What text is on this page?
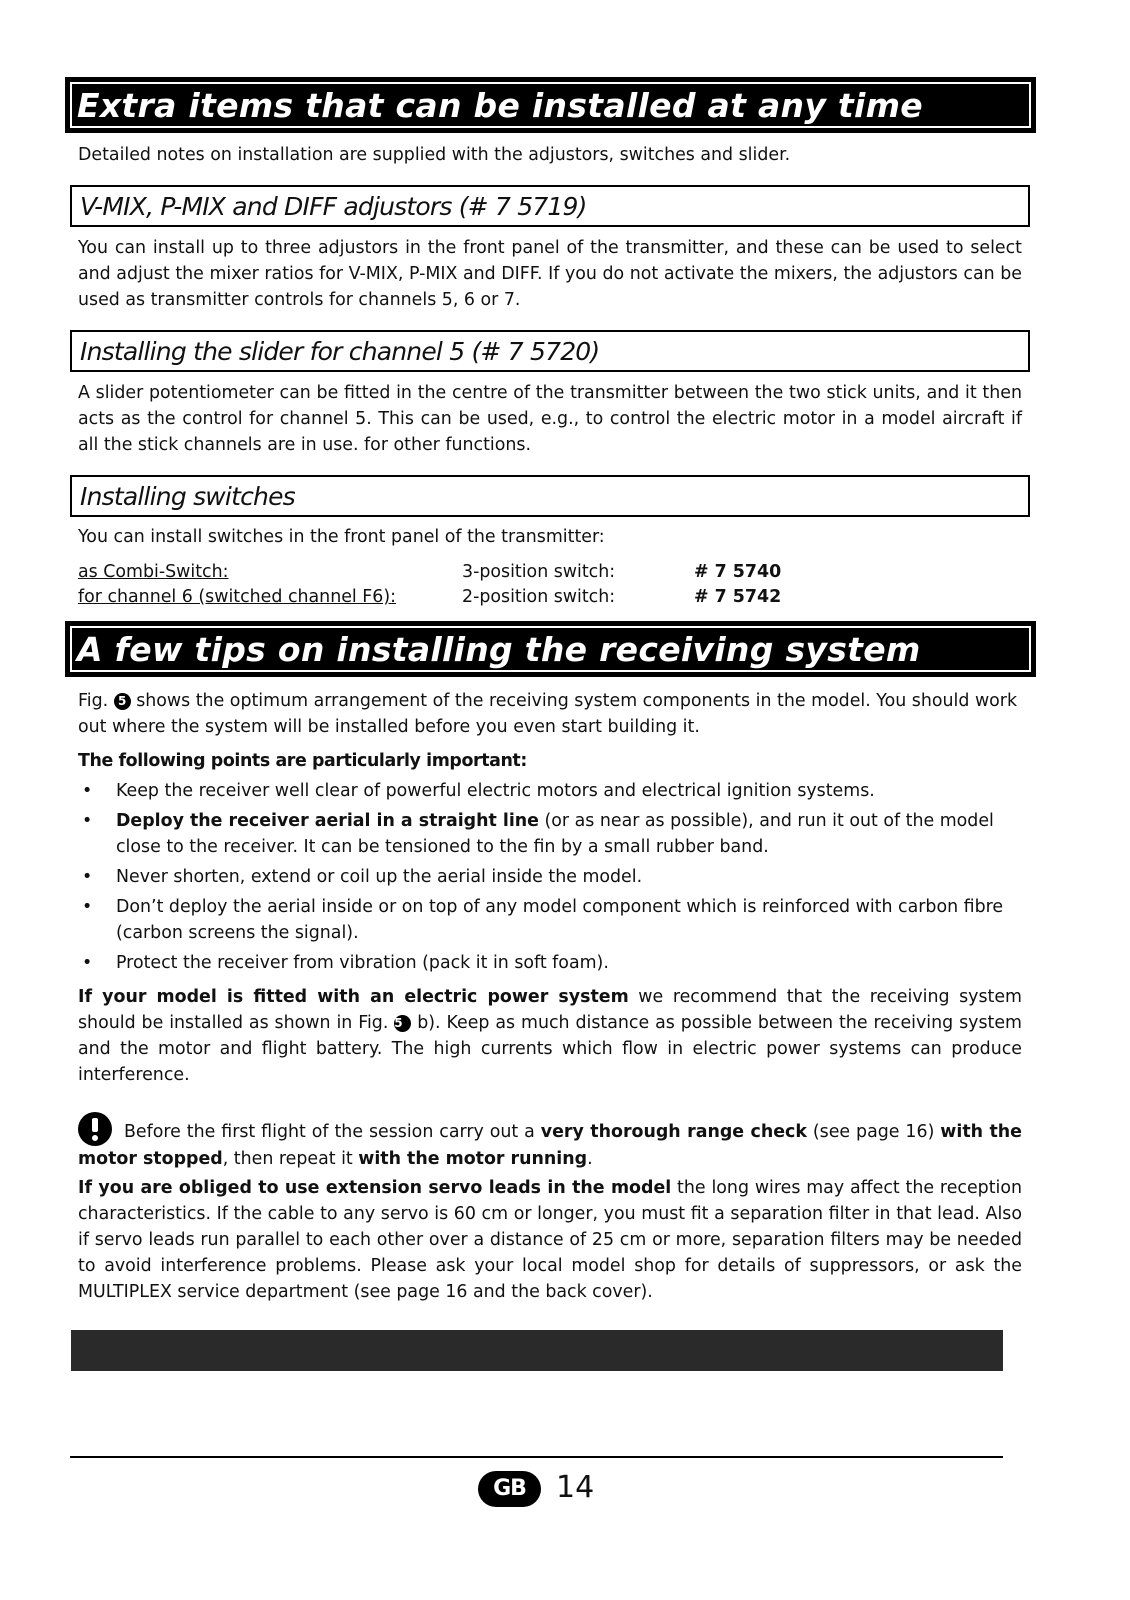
Extra items that can be installed at any time

Detailed notes on installation are supplied with the adjustors, switches and slider.

V-MIX, P-MIX and DIFF adjustors (# 7 5719)

You can install up to three adjustors in the front panel of the transmitter, and these can be used to select and adjust the mixer ratios for V-MIX, P-MIX and DIFF. If you do not activate the mixers, the adjustors can be used as transmitter controls for channels 5, 6 or 7.

Installing the slider for channel 5 (# 7 5720)

A slider potentiometer can be fitted in the centre of the transmitter between the two stick units, and it then acts as the control for channel 5. This can be used, e.g., to control the electric motor in a model aircraft if all the stick channels are in use. for other functions.

Installing switches

You can install switches in the front panel of the transmitter:

as Combi-Switch:	3-position switch:	# 7 5740
for channel 6 (switched channel F6):	2-position switch:	# 7 5742
A few tips on installing the receiving system

Fig. 5 shows the optimum arrangement of the receiving system components in the model. You should work out where the system will be installed before you even start building it.

The following points are particularly important:

• Keep the receiver well clear of powerful electric motors and electrical ignition systems.
• Deploy the receiver aerial in a straight line (or as near as possible), and run it out of the model close to the receiver. It can be tensioned to the fin by a small rubber band.
• Never shorten, extend or coil up the aerial inside the model.
• Don’t deploy the aerial inside or on top of any model component which is reinforced with carbon fibre (carbon screens the signal).
• Protect the receiver from vibration (pack it in soft foam).

If your model is fitted with an electric power system we recommend that the receiving system should be installed as shown in Fig. 5 b). Keep as much distance as possible between the receiving system and the motor and flight battery. The high currents which flow in electric power systems can produce interference.

Before the first flight of the session carry out a very thorough range check (see page 16) with the motor stopped, then repeat it with the motor running.

If you are obliged to use extension servo leads in the model the long wires may affect the reception characteristics. If the cable to any servo is 60 cm or longer, you must fit a separation filter in that lead. Also if servo leads run parallel to each other over a distance of 25 cm or more, separation filters may be needed to avoid interference problems. Please ask your local model shop for details of suppressors, or ask the MULTIPLEX service department (see page 16 and the back cover).

GB	14
